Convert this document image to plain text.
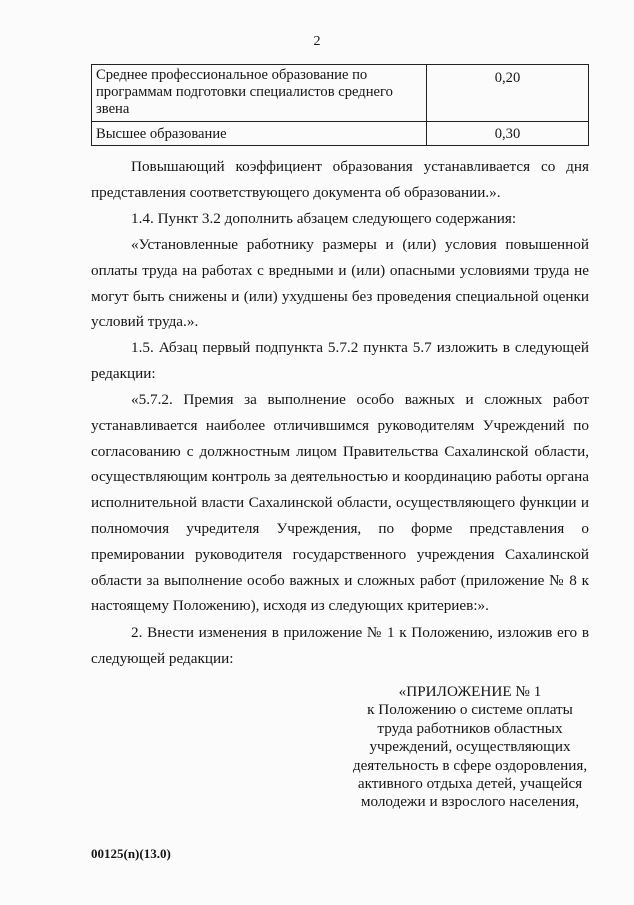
2
Среднее профессиональное образование по программам подготовки специалистов среднего звена	0,20
Высшее образование	0,30

Повышающий коэффициент образования устанавливается со дня представления соответствующего документа об образовании.».

1.4. Пункт 3.2 дополнить абзацем следующего содержания:

«Установленные работнику размеры и (или) условия повышенной оплаты труда на работах с вредными и (или) опасными условиями труда не могут быть снижены и (или) ухудшены без проведения специальной оценки условий труда.».

1.5. Абзац первый подпункта 5.7.2 пункта 5.7 изложить в следующей редакции:

«5.7.2. Премия за выполнение особо важных и сложных работ устанавливается наиболее отличившимся руководителям Учреждений по согласованию с должностным лицом Правительства Сахалинской области, осуществляющим контроль за деятельностью и координацию работы органа исполнительной власти Сахалинской области, осуществляющего функции и полномочия учредителя Учреждения, по форме представления о премировании руководителя государственного учреждения Сахалинской области за выполнение особо важных и сложных работ (приложение № 8 к настоящему Положению), исходя из следующих критериев:».

2. Внести изменения в приложение № 1 к Положению, изложив его в следующей редакции:

«ПРИЛОЖЕНИЕ № 1
к Положению о системе оплаты
труда работников областных
учреждений, осуществляющих
деятельность в сфере оздоровления,
активного отдыха детей, учащейся
молодежи и взрослого населения,
00125(n)(13.0)
